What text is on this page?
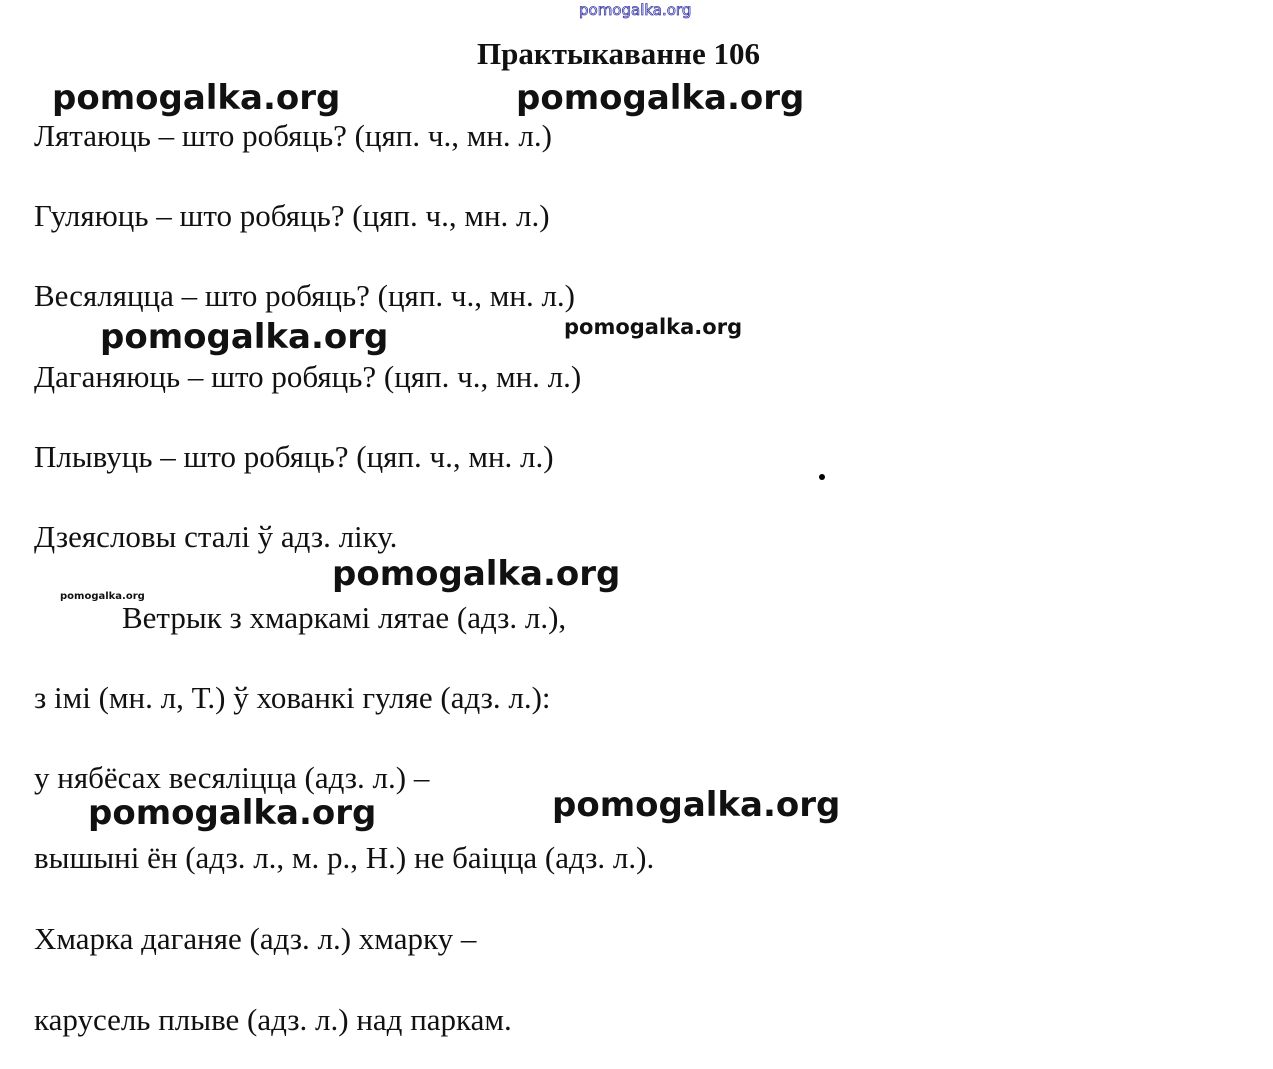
pomogalka.org
Практыкаванне 106
pomogalka.org	pomogalka.org
Лятаюць – што робяць? (цяп. ч., мн. л.)
Гуляюць – што робяць? (цяп. ч., мн. л.)
Весяляцца – што робяць? (цяп. ч., мн. л.)
pomogalka.org	pomogalka.org
Даганяюць – што робяць? (цяп. ч., мн. л.)
Плывуць – што робяць? (цяп. ч., мн. л.)
Дзеясловы сталі ў адз. ліку.
pomogalka.org
pomogalka.org
Ветрык з хмаркамі лятае (адз. л.),
з імі (мн. л, Т.) ў хованкі гуляе (адз. л.):
у нябёсах весяліцца (адз. л.) –
pomogalka.org	pomogalka.org
вышыні ён (адз. л., м. р., Н.) не баіцца (адз. л.).
Хмарка даганяе (адз. л.) хмарку –
карусель плыве (адз. л.) над паркам.
